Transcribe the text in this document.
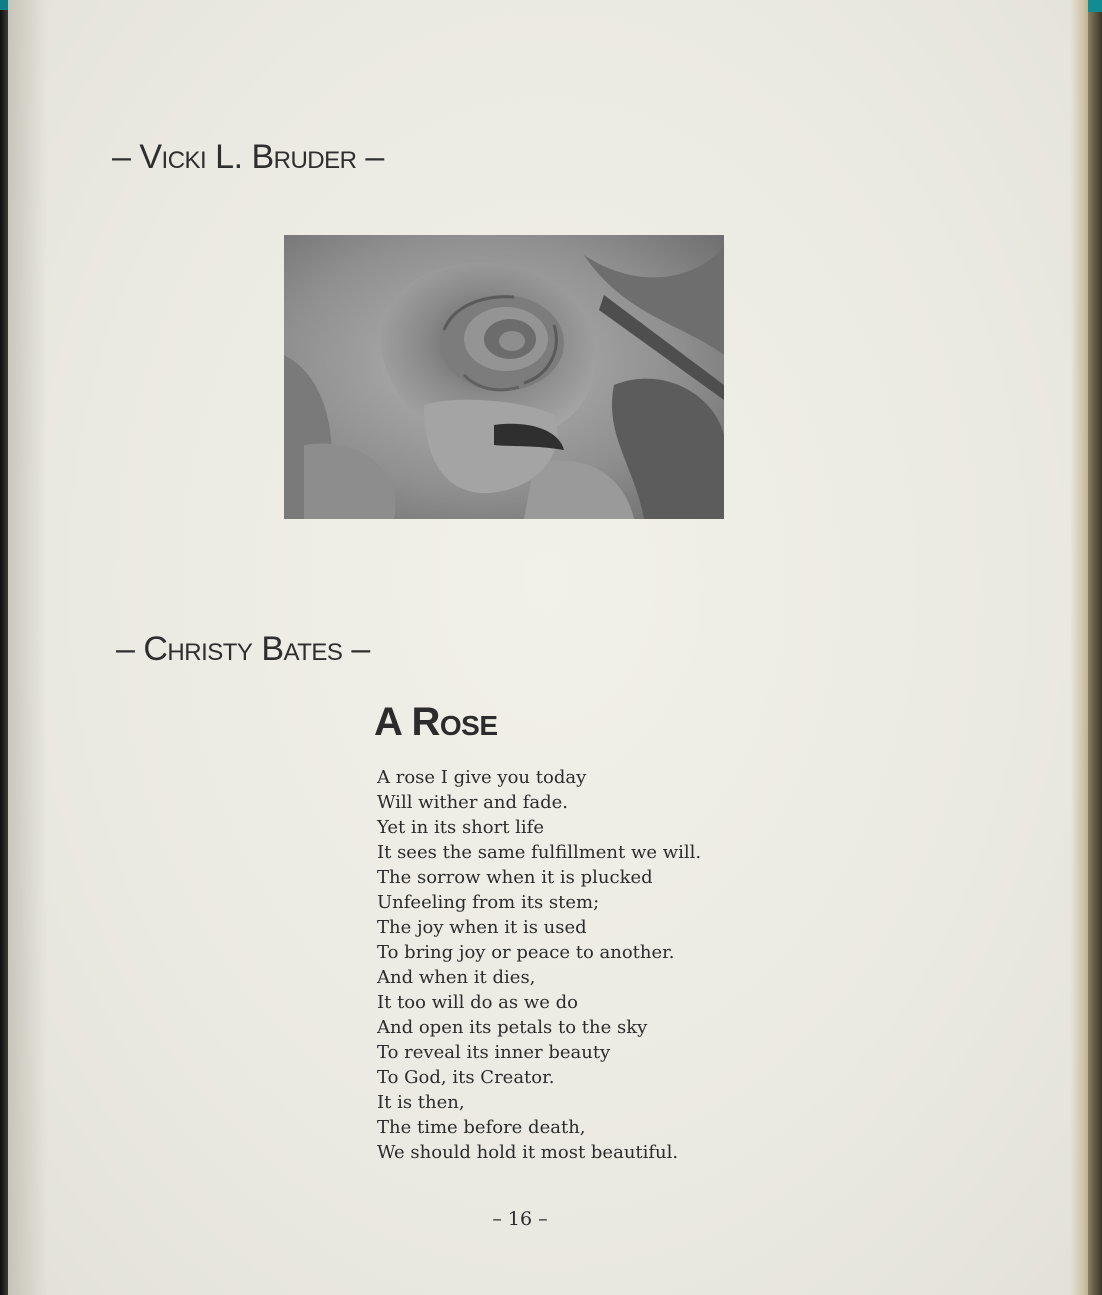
– Vicki L. Bruder –
– Christy Bates –
A Rose
A rose I give you today
Will wither and fade.
Yet in its short life
It sees the same fulfillment we will.
The sorrow when it is plucked
Unfeeling from its stem;
The joy when it is used
To bring joy or peace to another.
And when it dies,
It too will do as we do
And open its petals to the sky
To reveal its inner beauty
To God, its Creator.
It is then,
The time before death,
We should hold it most beautiful.
– 16 –
